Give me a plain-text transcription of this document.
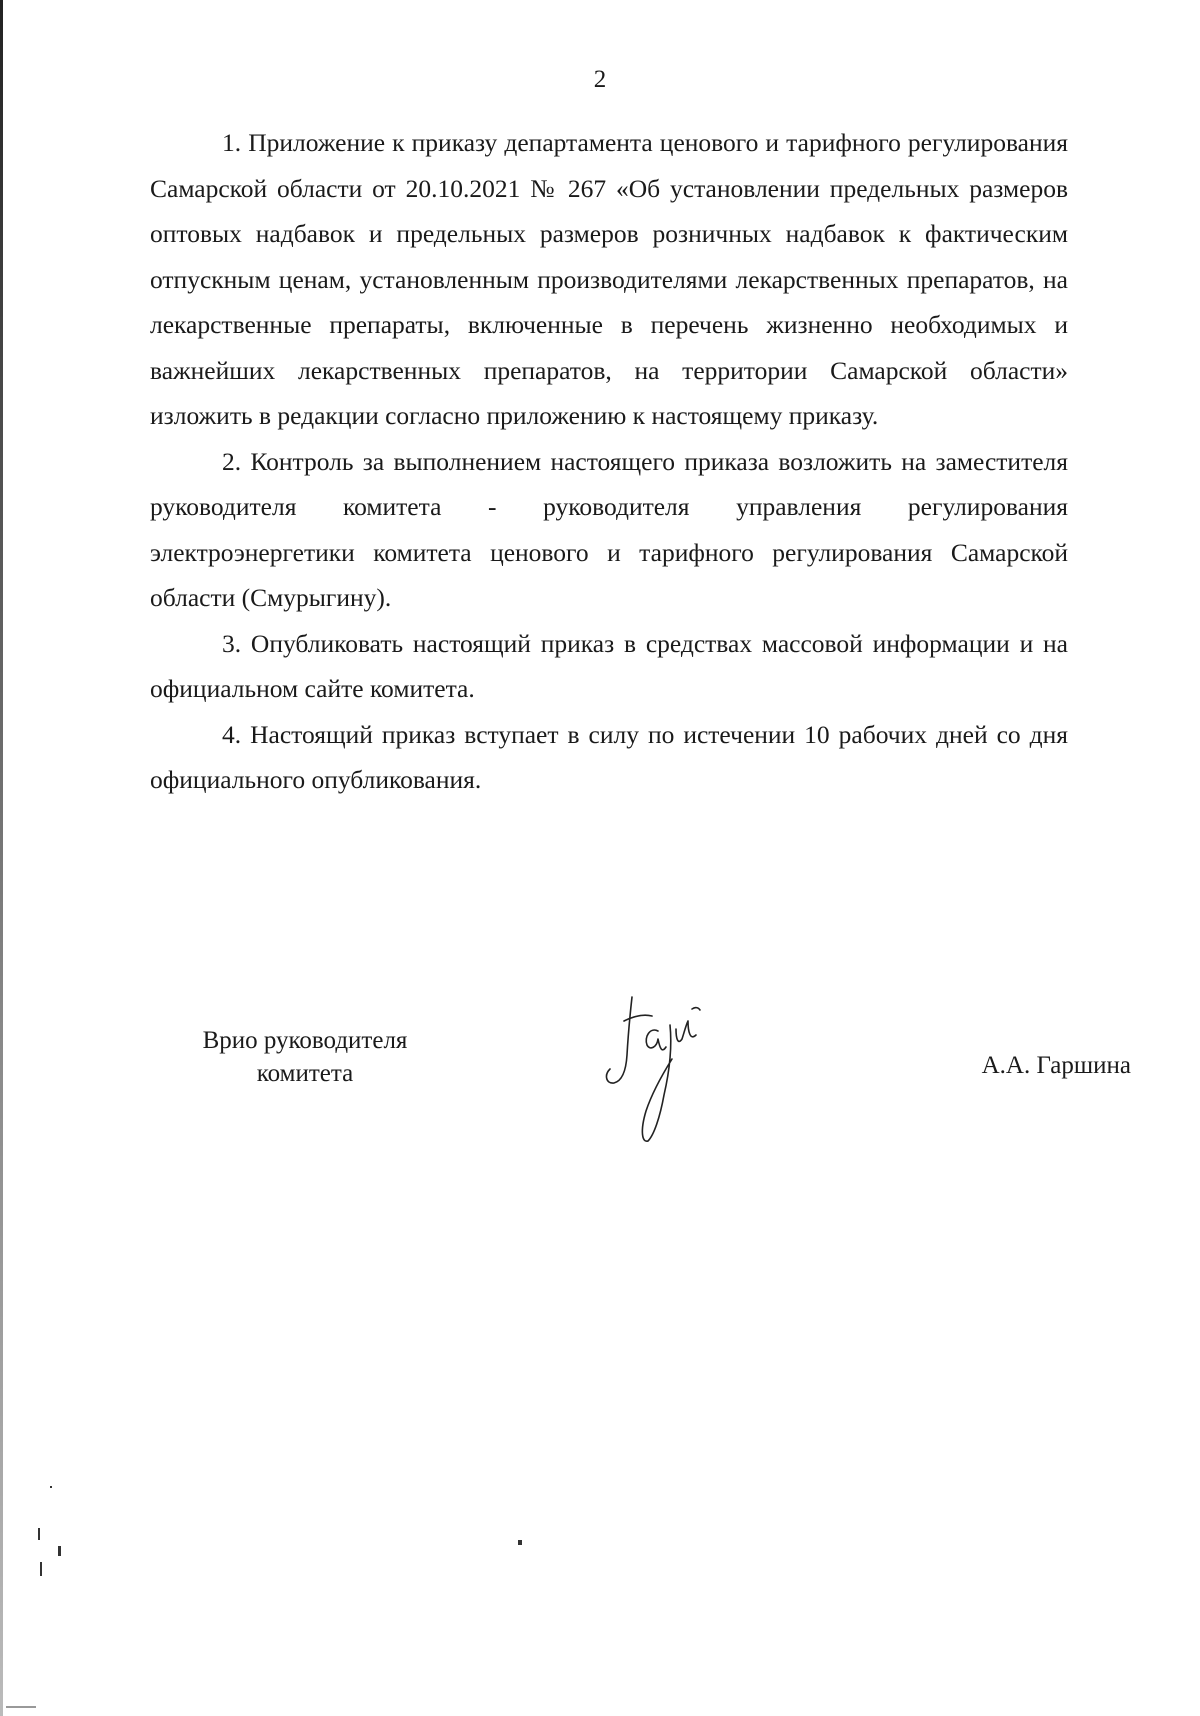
2

1. Приложение к приказу департамента ценового и тарифного регулирования Самарской области от 20.10.2021 № 267 «Об установлении предельных размеров оптовых надбавок и предельных размеров розничных надбавок к фактическим отпускным ценам, установленным производителями лекарственных препаратов, на лекарственные препараты, включенные в перечень жизненно необходимых и важнейших лекарственных препаратов, на территории Самарской области» изложить в редакции согласно приложению к настоящему приказу.

2. Контроль за выполнением настоящего приказа возложить на заместителя руководителя комитета - руководителя управления регулирования электроэнергетики комитета ценового и тарифного регулирования Самарской области (Смурыгину).

3. Опубликовать настоящий приказ в средствах массовой информации и на официальном сайте комитета.

4. Настоящий приказ вступает в силу по истечении 10 рабочих дней со дня официального опубликования.

Врио руководителя
комитета	А.А. Гаршина
